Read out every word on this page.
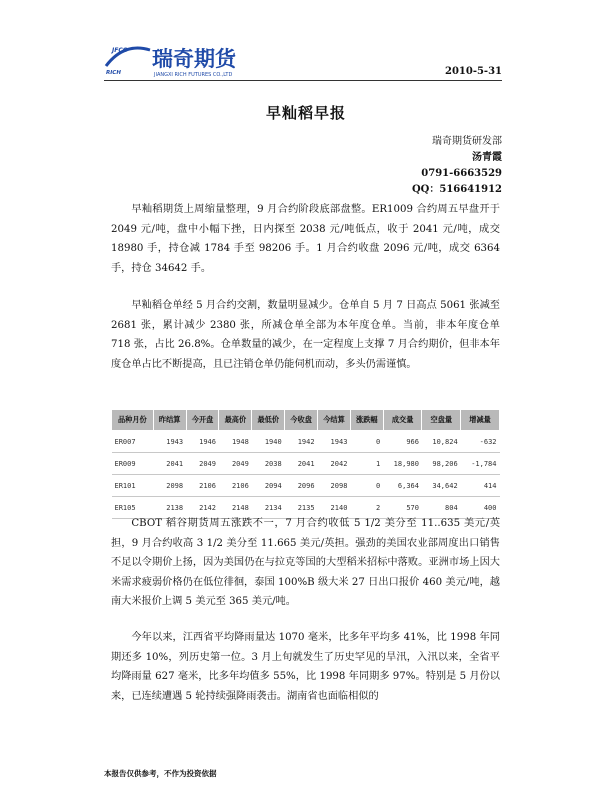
JFCO
RICH
瑞奇期货
JIANGXI RICH FUTURES CO.,LTD	2010-5-31
早籼稻早报
瑞奇期货研发部
汤青霞
0791-6663529
QQ：516641912

早籼稻期货上周缩量整理，9 月合约阶段底部盘整。ER1009 合约周五早盘开于 2049 元/吨，盘中小幅下挫，日内探至 2038 元/吨低点，收于 2041 元/吨，成交 18980 手，持仓减 1784 手至 98206 手。1 月合约收盘 2096 元/吨，成交 6364 手，持仓 34642 手。

早籼稻仓单经 5 月合约交割，数量明显减少。仓单自 5 月 7 日高点 5061 张减至 2681 张，累计减少 2380 张，所减仓单全部为本年度仓单。当前，非本年度仓单 718 张，占比 26.8%。仓单数量的减少，在一定程度上支撑 7 月合约期价，但非本年度仓单占比不断提高，且已注销仓单仍能伺机而动，多头仍需谨慎。

品种月份	昨结算	今开盘	最高价	最低价	今收盘	今结算	涨跌幅	成交量	空盘量	增减量
ER007	1943	1946	1948	1940	1942	1943	0	966	10,824	-632
ER009	2041	2049	2049	2038	2041	2042	1	18,980	98,206	-1,784
ER101	2098	2106	2106	2094	2096	2098	0	6,364	34,642	414
ER105	2138	2142	2148	2134	2135	2140	2	570	804	400

CBOT 稻谷期货周五涨跌不一，7 月合约收低 5 1/2 美分至 11..635 美元/英担，9 月合约收高 3 1/2 美分至 11.665 美元/英担。强劲的美国农业部周度出口销售不足以令期价上扬，因为美国仍在与拉克等国的大型稻米招标中落败。亚洲市场上因大米需求疲弱价格仍在低位徘徊，泰国 100%B 级大米 27 日出口报价 460 美元/吨，越南大米报价上调 5 美元至 365 美元/吨。

今年以来，江西省平均降雨量达 1070 毫米，比多年平均多 41%，比 1998 年同期还多 10%，列历史第一位。3 月上旬就发生了历史罕见的旱汛，入汛以来，全省平均降雨量 627 毫米，比多年均值多 55%，比 1998 年同期多 97%。特别是 5 月份以来，已连续遭遇 5 轮持续强降雨袭击。湖南省也面临相似的

本报告仅供参考，不作为投资依据
